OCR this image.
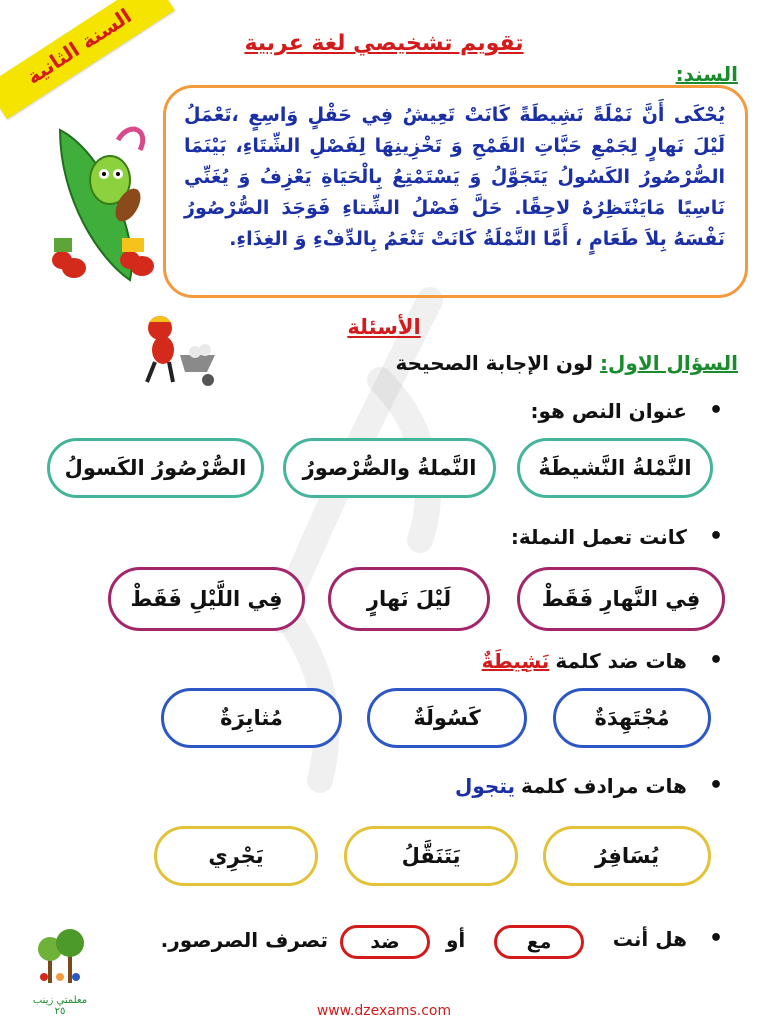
السنة الثانية	تقويم تشخيصي لغة عربية
السند:
يُحْكَى أَنَّ نَمْلَةً نَشِيطَةً كَانَتْ تَعِيشُ فِي حَقْلٍ وَاسِعٍ ،تَعْمَلُ لَيْلَ نَهارٍ لِجَمْعِ حَبَّاتِ القَمْحِ وَ تَخْزِينِهَا لِفَصْلِ الشِّتَاءِ، بَيْنَمَا الصُّرْصُورُ الكَسُولُ يَتَجَوَّلُ وَ يَسْتَمْتِعُ بِالْحَيَاةِ يَعْزِفُ وَ يُغَنِّي نَاسِيًا مَايَنْتَظِرُهُ لاحِقًا. حَلَّ فَصْلُ الشِّتاءِ فَوَجَدَ الصُّرْصُورُ نَفْسَهُ بِلاَ طَعَامٍ ، أَمَّا النَّمْلَةُ كَانَتْ تَنْعَمُ بِالدِّفْءِ وَ الغِذَاءِ.
الأسئلة
السؤال الاول: لون الإجابة الصحيحة
•
عنوان النص هو:
النَّمْلةُ النَّشيطَةُ
النَّملةُ والصُّرْصورُ
الصُّرْصُورُ الكَسولُ
•
كانت تعمل النملة:
فِي النَّهارِ فَقَطْ
لَيْلَ نَهارٍ
فِي اللَّيْلِ فَقَطْ
•
هات ضد كلمة
نَشِيطَةٌ
مُجْتَهِدَةٌ
كَسُولَةٌ
مُثابِرَةٌ
•
هات مرادف كلمة
يتجول
يُسَافِرُ
يَتَنَقَّلُ
يَجْرِي
•
هل أنت
مع
أو
ضد
تصرف الصرصور.
معلمتي زينب ٢٥	www.dzexams.com
